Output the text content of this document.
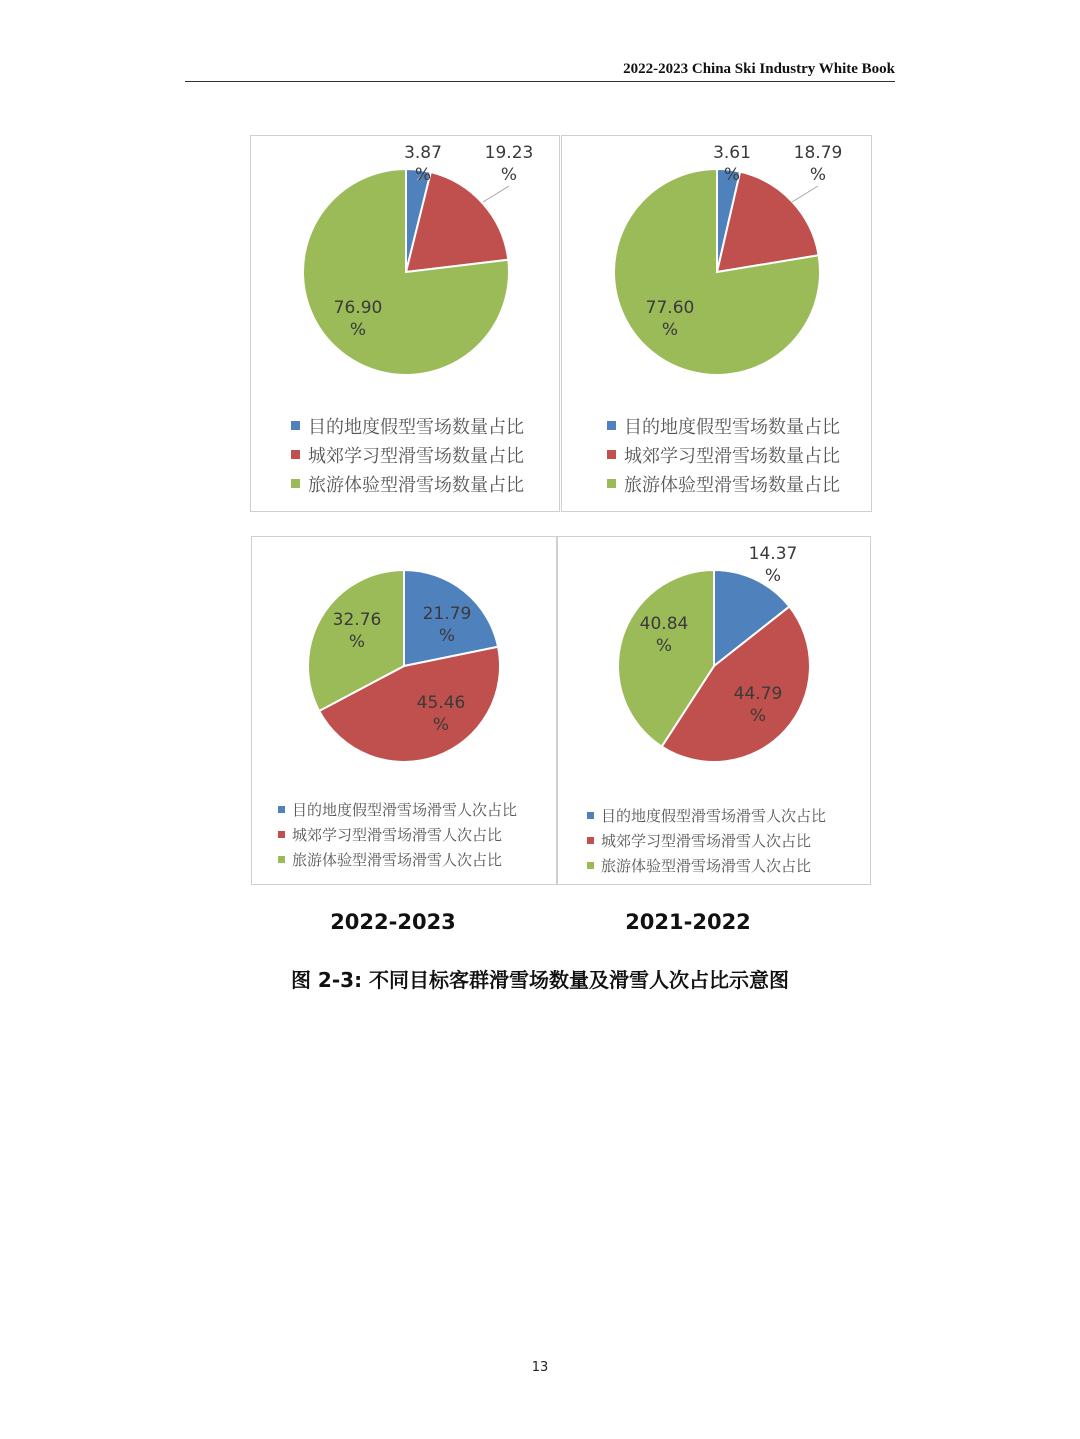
2022-2023 China Ski Industry White Book
3.87 %
19.23 %
76.90 %
目的地度假型雪场数量占比
城郊学习型滑雪场数量占比
旅游体验型滑雪场数量占比
3.61 %
18.79 %
77.60 %
目的地度假型雪场数量占比
城郊学习型滑雪场数量占比
旅游体验型滑雪场数量占比
21.79 %
45.46 %
32.76 %
目的地度假型滑雪场滑雪人次占比
城郊学习型滑雪场滑雪人次占比
旅游体验型滑雪场滑雪人次占比
14.37 %
44.79 %
40.84 %
目的地度假型滑雪场滑雪人次占比
城郊学习型滑雪场滑雪人次占比
旅游体验型滑雪场滑雪人次占比
2022-2023	2021-2022
图 2-3: 不同目标客群滑雪场数量及滑雪人次占比示意图
13
